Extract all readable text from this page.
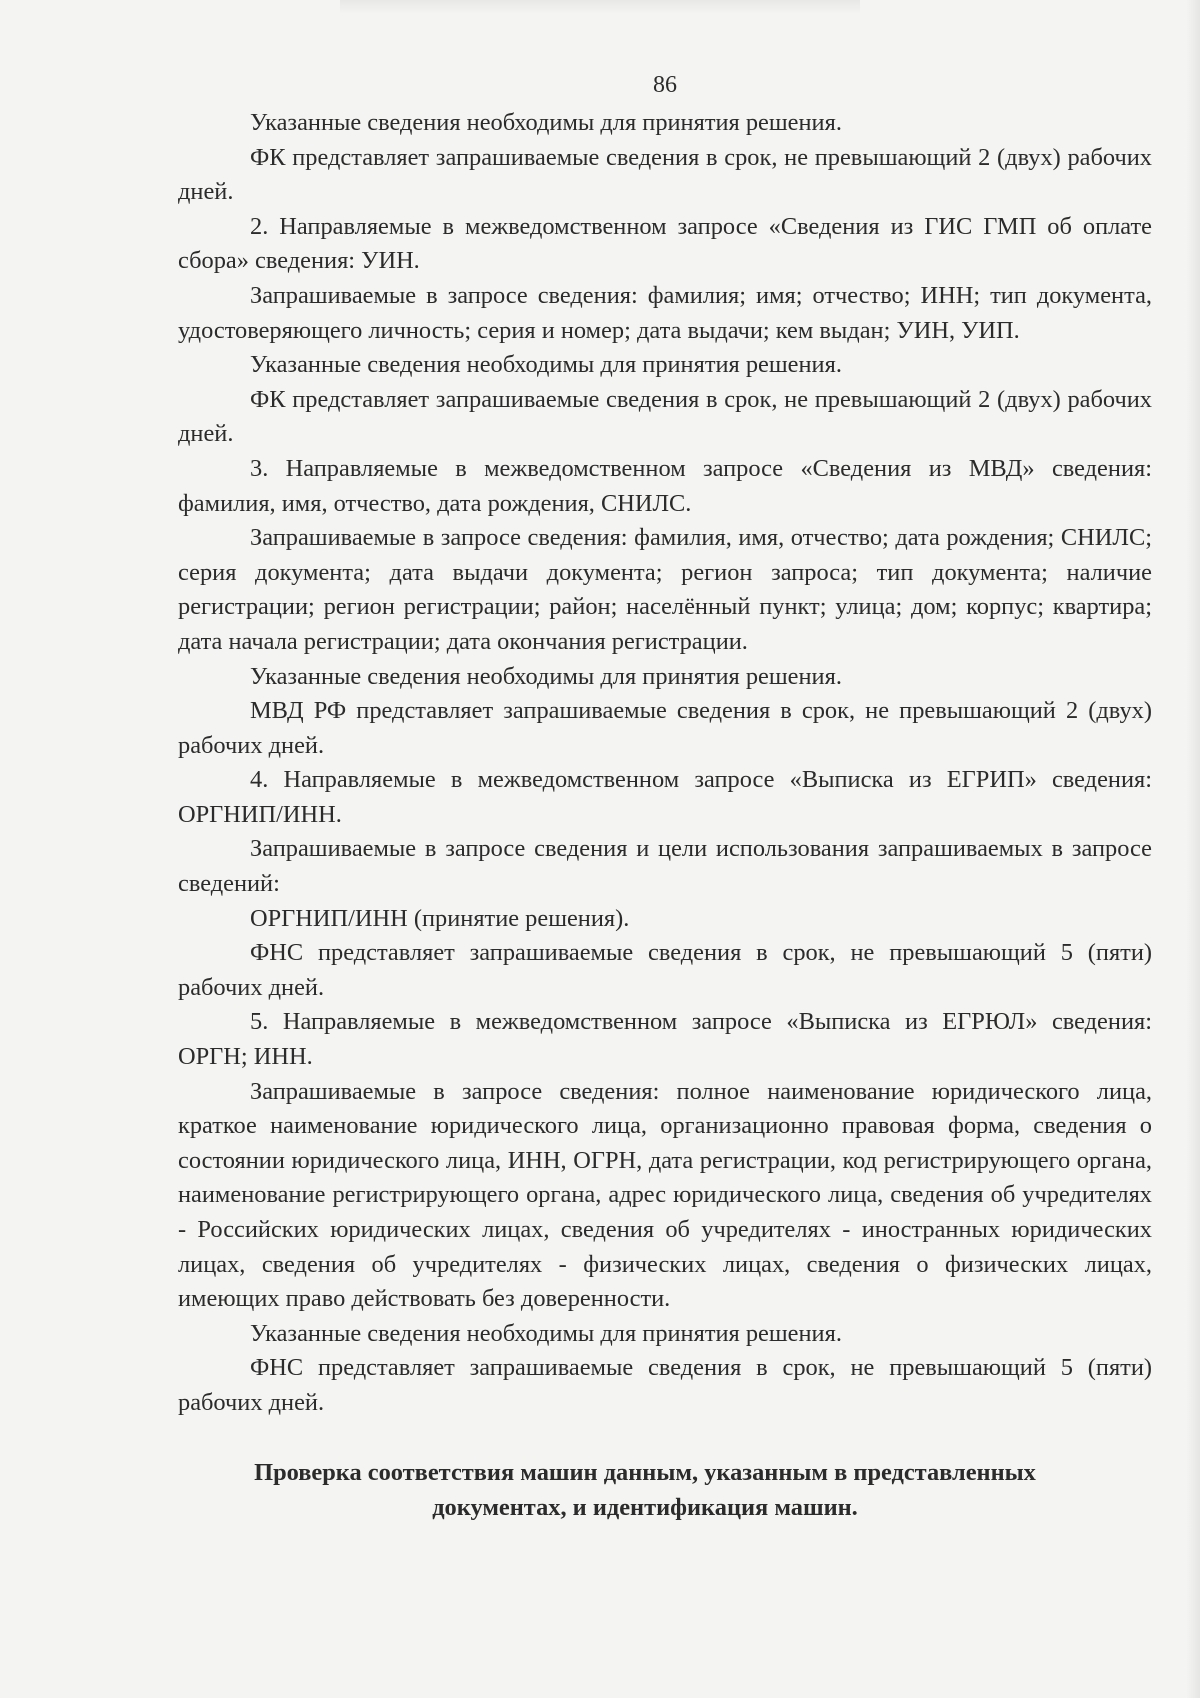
86

Указанные сведения необходимы для принятия решения.

ФК представляет запрашиваемые сведения в срок, не превышающий 2 (двух) рабочих дней.

2. Направляемые в межведомственном запросе «Сведения из ГИС ГМП об оплате сбора» сведения: УИН.

Запрашиваемые в запросе сведения: фамилия; имя; отчество; ИНН; тип документа, удостоверяющего личность; серия и номер; дата выдачи; кем выдан; УИН, УИП.

Указанные сведения необходимы для принятия решения.

ФК представляет запрашиваемые сведения в срок, не превышающий 2 (двух) рабочих дней.

3. Направляемые в межведомственном запросе «Сведения из МВД» сведения: фамилия, имя, отчество, дата рождения, СНИЛС.

Запрашиваемые в запросе сведения: фамилия, имя, отчество; дата рождения; СНИЛС; серия документа; дата выдачи документа; регион запроса; тип документа; наличие регистрации; регион регистрации; район; населённый пункт; улица; дом; корпус; квартира; дата начала регистрации; дата окончания регистрации.

Указанные сведения необходимы для принятия решения.

МВД РФ представляет запрашиваемые сведения в срок, не превышающий 2 (двух) рабочих дней.

4. Направляемые в межведомственном запросе «Выписка из ЕГРИП» сведения: ОРГНИП/ИНН.

Запрашиваемые в запросе сведения и цели использования запрашиваемых в запросе сведений:

ОРГНИП/ИНН (принятие решения).

ФНС представляет запрашиваемые сведения в срок, не превышающий 5 (пяти) рабочих дней.

5. Направляемые в межведомственном запросе «Выписка из ЕГРЮЛ» сведения: ОРГН; ИНН.

Запрашиваемые в запросе сведения: полное наименование юридического лица, краткое наименование юридического лица, организационно правовая форма, сведения о состоянии юридического лица, ИНН, ОГРН, дата регистрации, код регистрирующего органа, наименование регистрирующего органа, адрес юридического лица, сведения об учредителях - Российских юридических лицах, сведения об учредителях - иностранных юридических лицах, сведения об учредителях - физических лицах, сведения о физических лицах, имеющих право действовать без доверенности.

Указанные сведения необходимы для принятия решения.

ФНС представляет запрашиваемые сведения в срок, не превышающий 5 (пяти) рабочих дней.

Проверка соответствия машин данным, указанным в представленных
документах, и идентификация машин.
